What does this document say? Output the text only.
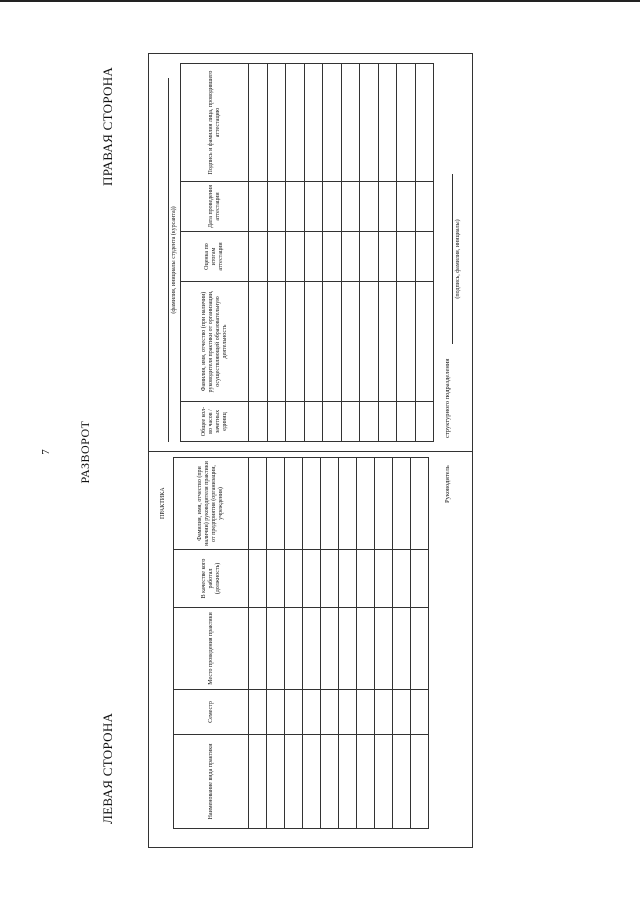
7 РАЗВОРОТ
ЛЕВАЯ СТОРОНА
ПРАВАЯ СТОРОНА
ПРАКТИКА
Наименование вида практики	Семестр	Место проведения практики	В качестве кого работал (должность)	Фамилия, имя, отчество (при наличии) руководителя практики от предприятия (организации, учреждения)

Руководитель
(фамилия, инициалы студента (курсанта))
Общее кол-во часов / зачетных единиц	Фамилия, имя, отчество (при наличии) руководителя практики от организации, осуществляющей образовательную деятельность	Оценка по итогам аттестации	Дата проведения аттестации	Подпись и фамилия лица, проводившего аттестацию

структурного подразделения
(подпись, фамилия, инициалы)
